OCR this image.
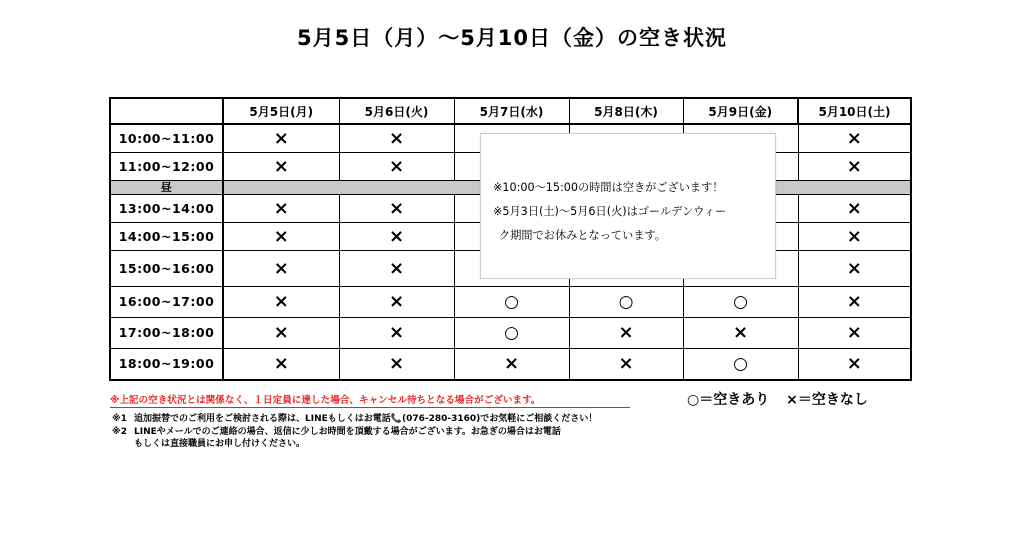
5月5日（月）〜5月10日（金）の空き状況
	5月5日(月)	5月6日(火)	5月7日(水)	5月8日(木)	5月9日(金)	5月10日(土)
10:00~11:00	×	×				×
11:00~12:00	×	×				×
昼						
13:00~14:00	×	×				×
14:00~15:00	×	×				×
15:00~16:00	×	×				×
16:00~17:00	×	×	○	○	○	×
17:00~18:00	×	×	○	×	×	×
18:00~19:00	×	×	×	×	○	×
※10:00〜15:00の時間は空きがございます！
※5月3日(土)〜5月6日(火)はゴールデンウィー
ク期間でお休みとなっています。
※上記の空き状況とは関係なく、１日定員に達した場合、キャンセル待ちとなる場合がございます。	○＝空きあり ×＝空きなし
※1 追加振替でのご利用をご検討される際は、LINEもしくはお電話📞(076-280-3160)でお気軽にご相談ください！
※2 LINEやメールでのご連絡の場合、返信に少しお時間を頂戴する場合がございます。お急ぎの場合はお電話
もしくは直接職員にお申し付けください。
